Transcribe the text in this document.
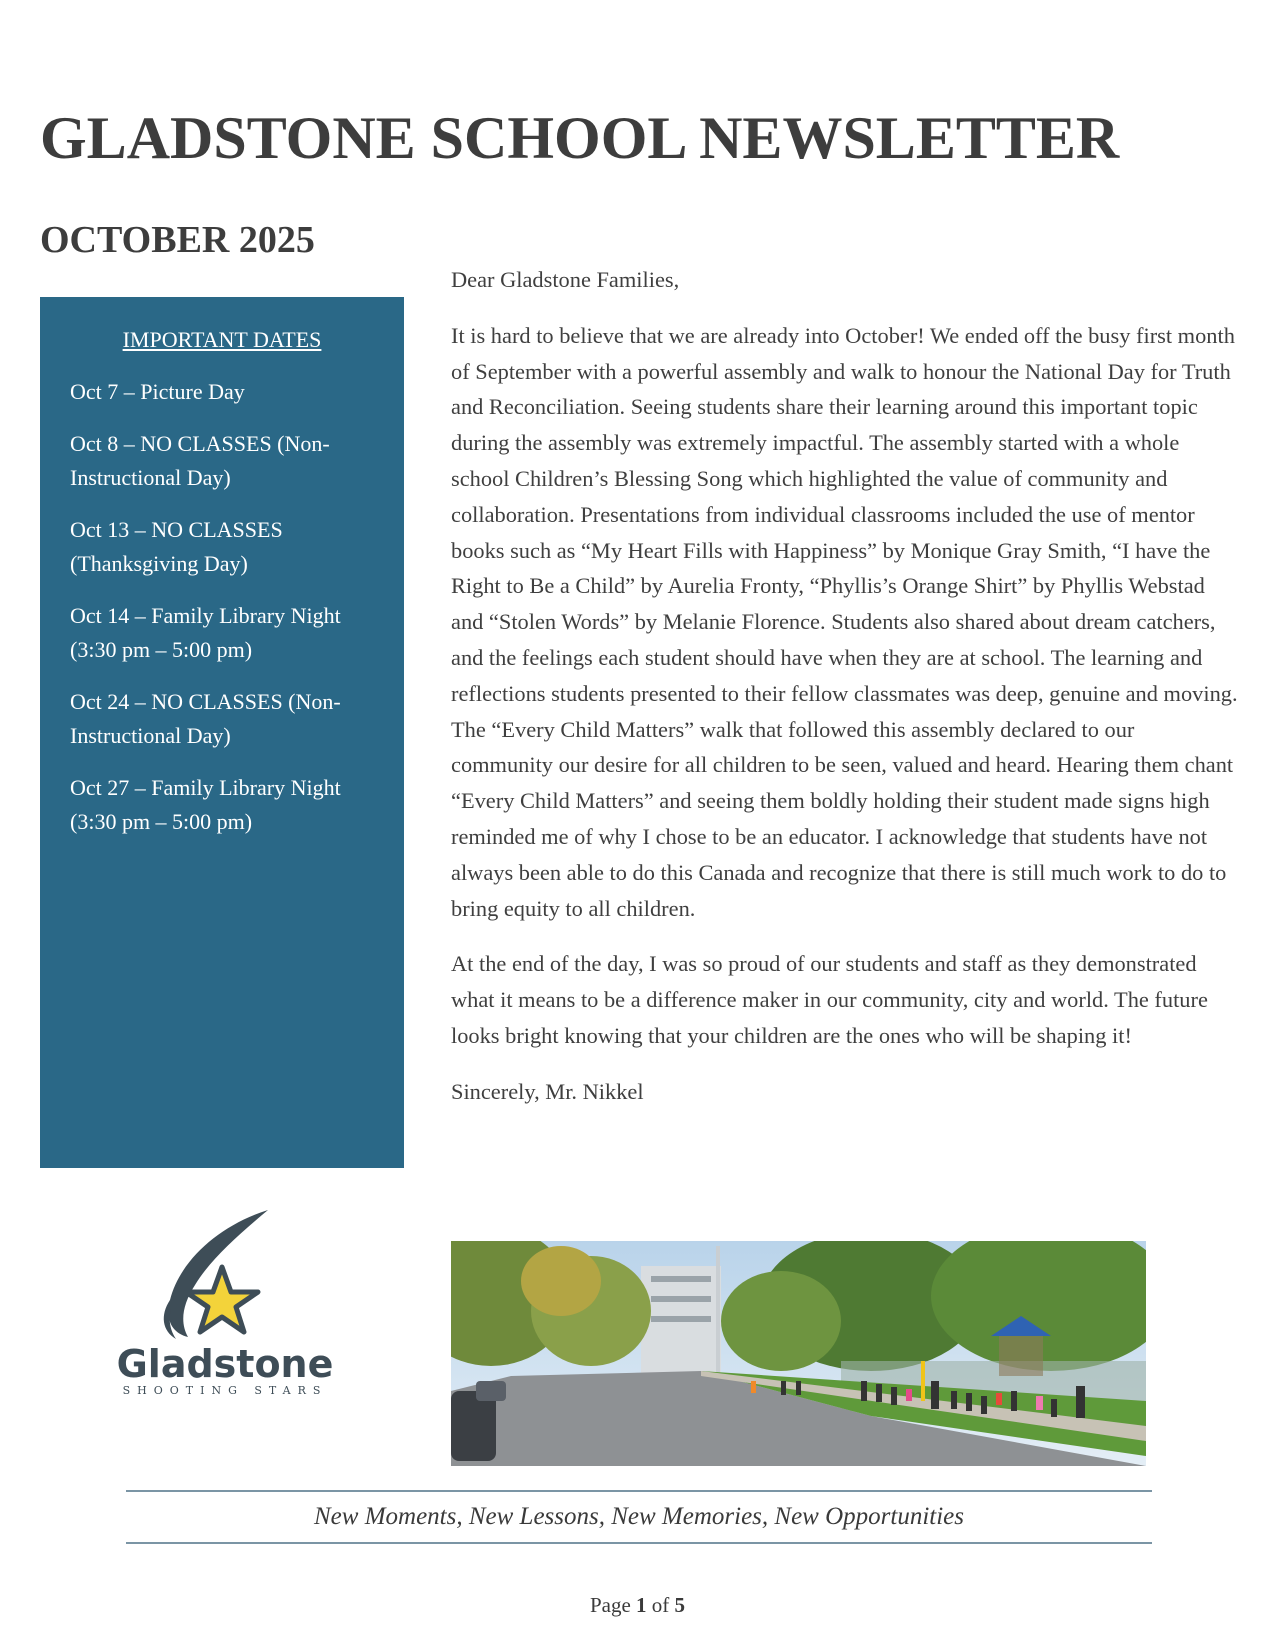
GLADSTONE SCHOOL NEWSLETTER
OCTOBER 2025

IMPORTANT DATES

Oct 7 – Picture Day
Oct 8 – NO CLASSES (Non-Instructional Day)
Oct 13 – NO CLASSES (Thanksgiving Day)
Oct 14 – Family Library Night (3:30 pm – 5:00 pm)
Oct 24 – NO CLASSES (Non-Instructional Day)
Oct 27 – Family Library Night (3:30 pm – 5:00 pm)

Dear Gladstone Families,

It is hard to believe that we are already into October! We ended off the busy first month of September with a powerful assembly and walk to honour the National Day for Truth and Reconciliation. Seeing students share their learning around this important topic during the assembly was extremely impactful. The assembly started with a whole school Children’s Blessing Song which highlighted the value of community and collaboration. Presentations from individual classrooms included the use of mentor books such as “My Heart Fills with Happiness” by Monique Gray Smith, “I have the Right to Be a Child” by Aurelia Fronty, “Phyllis’s Orange Shirt” by Phyllis Webstad and “Stolen Words” by Melanie Florence. Students also shared about dream catchers, and the feelings each student should have when they are at school. The learning and reflections students presented to their fellow classmates was deep, genuine and moving. The “Every Child Matters” walk that followed this assembly declared to our community our desire for all children to be seen, valued and heard. Hearing them chant “Every Child Matters” and seeing them boldly holding their student made signs high reminded me of why I chose to be an educator. I acknowledge that students have not always been able to do this Canada and recognize that there is still much work to do to bring equity to all children.

At the end of the day, I was so proud of our students and staff as they demonstrated what it means to be a difference maker in our community, city and world. The future looks bright knowing that your children are the ones who will be shaping it!

Sincerely, Mr. Nikkel

Gladstone
SHOOTING STARS

New Moments, New Lessons, New Memories, New Opportunities

Page 1 of 5
